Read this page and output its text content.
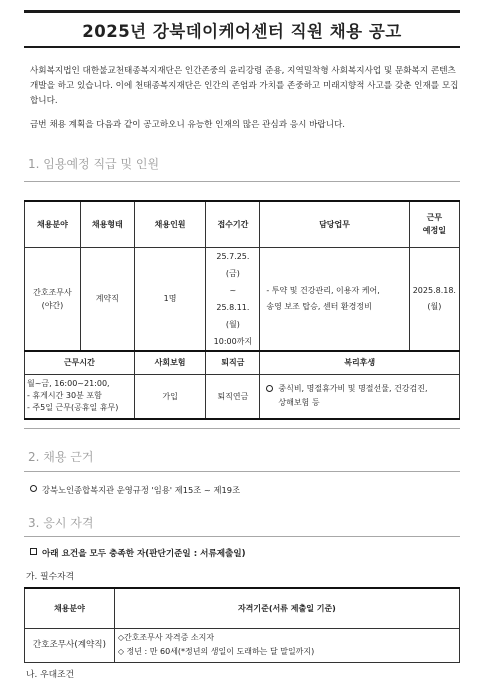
2025년 강북데이케어센터 직원 채용 공고

사회복지법인 대한불교천태종복지재단은 인간존중의 윤리강령 준용, 지역밀착형 사회복지사업 및 문화복지 콘텐츠 개발을 하고 있습니다. 이에 천태종복지재단은 인간의 존엄과 가치를 존중하고 미래지향적 사고를 갖춘 인재를 모집합니다.

금번 채용 계획을 다음과 같이 공고하오니 유능한 인재의 많은 관심과 응시 바랍니다.

1. 임용예정 직급 및 인원
채용분야	채용형태	채용인원	접수기간	담당업무	근무
예정일
간호조무사
(야간)	계약직	1명	25.7.25.(금)
~
25.8.11.(월)
10:00까지	- 투약 및 건강관리, 이용자 케어,
송영 보조 탑승, 센터 환경정비	2025.8.18.
(월)
근무시간		사회보험	퇴직금	복리후생	
월~금, 16:00~21:00,
- 휴게시간 30분 포함
- 주5일 근무(공휴일 휴무)		가입	퇴직연금	중식비, 명절휴가비 및 명절선물, 건강검진,
상해보험 등	
2. 채용 근거
강북노인종합복지관 운영규정 '임용' 제15조 ~ 제19조
3. 응시 자격
아래 요건을 모두 충족한 자(판단기준일 : 서류제출일)
가. 필수자격
채용분야	자격기준(서류 제출일 기준)
간호조무사(계약직)	◇간호조무사 자격증 소지자
◇ 정년 : 만 60세(*정년의 생일이 도래하는 달 말일까지)
나. 우대조건
